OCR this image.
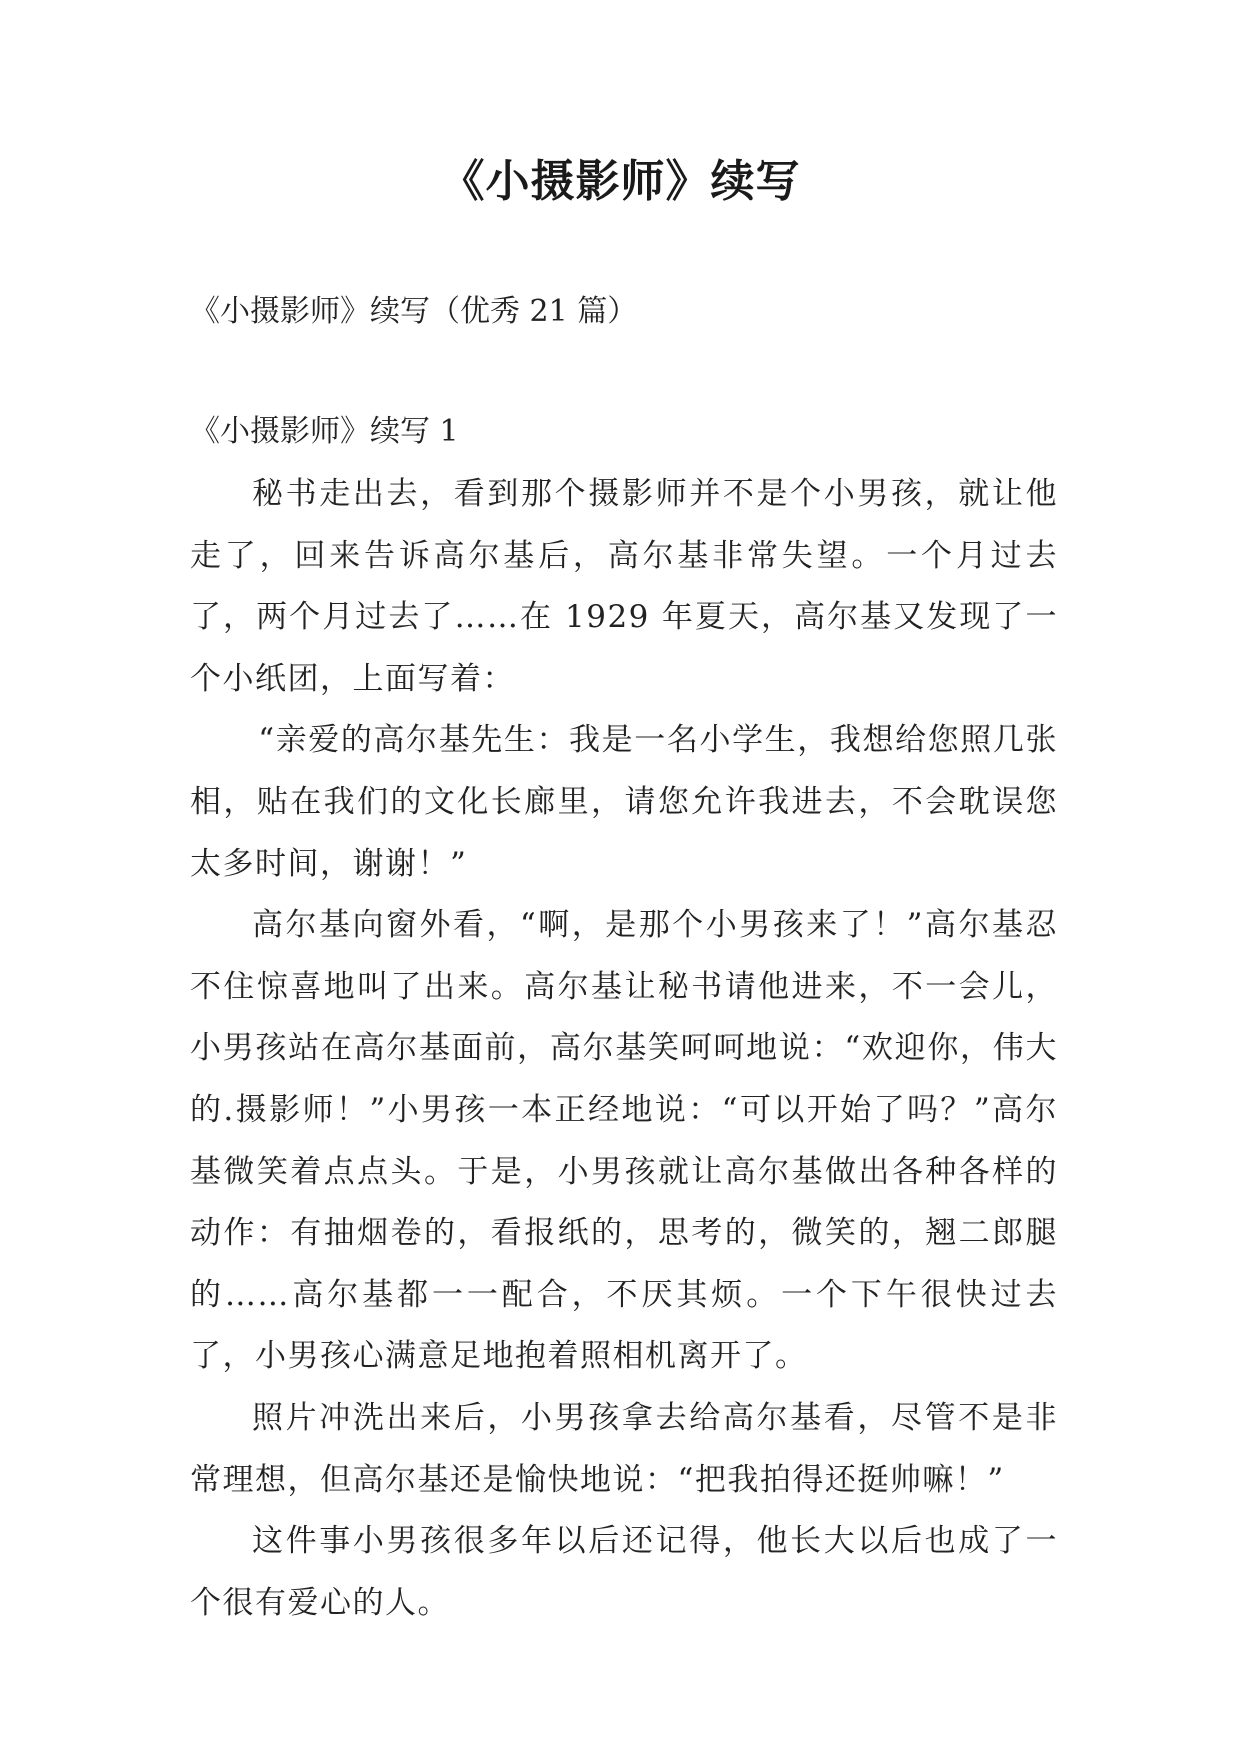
《小摄影师》续写
《小摄影师》续写（优秀 21 篇）
《小摄影师》续写 1

秘书走出去，看到那个摄影师并不是个小男孩，就让他走了，回来告诉高尔基后，高尔基非常失望。一个月过去了，两个月过去了……在 1929 年夏天，高尔基又发现了一个小纸团，上面写着：

“亲爱的高尔基先生：我是一名小学生，我想给您照几张相，贴在我们的文化长廊里，请您允许我进去，不会耽误您太多时间，谢谢！”

高尔基向窗外看，“啊，是那个小男孩来了！”高尔基忍不住惊喜地叫了出来。高尔基让秘书请他进来，不一会儿，小男孩站在高尔基面前，高尔基笑呵呵地说：“欢迎你，伟大的.摄影师！”小男孩一本正经地说：“可以开始了吗？”高尔基微笑着点点头。于是，小男孩就让高尔基做出各种各样的动作：有抽烟卷的，看报纸的，思考的，微笑的，翘二郎腿的……高尔基都一一配合，不厌其烦。一个下午很快过去了，小男孩心满意足地抱着照相机离开了。

照片冲洗出来后，小男孩拿去给高尔基看，尽管不是非常理想，但高尔基还是愉快地说：“把我拍得还挺帅嘛！”

这件事小男孩很多年以后还记得，他长大以后也成了一个很有爱心的人。
